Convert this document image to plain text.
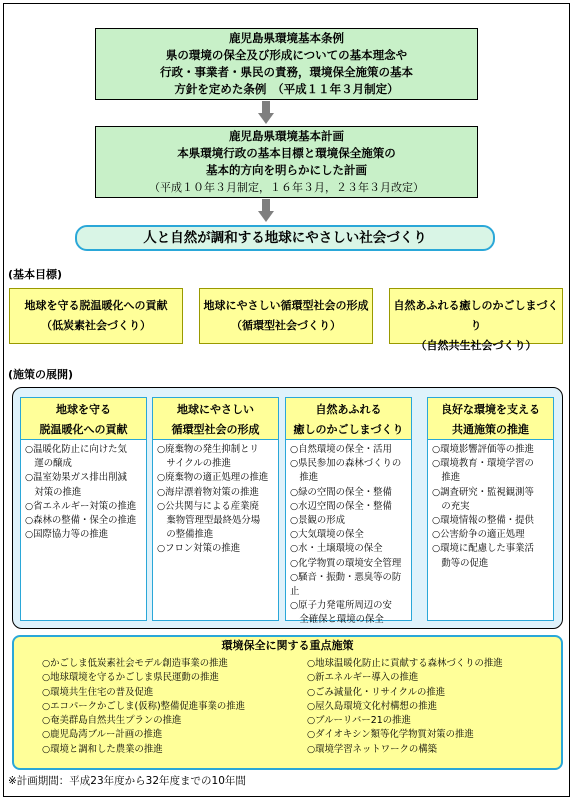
鹿児島県環境基本条例
県の環境の保全及び形成についての基本理念や
行政・事業者・県民の責務，環境保全施策の基本
方針を定めた条例　（平成１１年３月制定）
鹿児島県環境基本計画
本県環境行政の基本目標と環境保全施策の
基本的方向を明らかにした計画
（平成１０年３月制定，１６年３月，２３年３月改定）
人と自然が調和する地球にやさしい社会づくり
(基本目標)
地球を守る脱温暖化への貢献
（低炭素社会づくり）
地球にやさしい循環型社会の形成
（循環型社会づくり）
自然あふれる癒しのかごしまづくり
（自然共生社会づくり）
(施策の展開)
地球を守る
脱温暖化への貢献
○温暖化防止に向けた気
　運の醸成
○温室効果ガス排出削減
　対策の推進
○省エネルギー対策の推進
○森林の整備・保全の推進
○国際協力等の推進
地球にやさしい
循環型社会の形成
○廃棄物の発生抑制とリ
　サイクルの推進
○廃棄物の適正処理の推進
○海岸漂着物対策の推進
○公共関与による産業廃
　棄物管理型最終処分場
　の整備推進
○フロン対策の推進
自然あふれる
癒しのかごしまづくり
○自然環境の保全・活用
○県民参加の森林づくりの
　推進
○緑の空間の保全・整備
○水辺空間の保全・整備
○景観の形成
○大気環境の保全
○水・土壌環境の保全
○化学物質の環境安全管理
○騒音・振動・悪臭等の防止
○原子力発電所周辺の安
　全確保と環境の保全
良好な環境を支える
共通施策の推進
○環境影響評価等の推進
○環境教育・環境学習の
　推進
○調査研究・監視観測等
　の充実
○環境情報の整備・提供
○公害紛争の適正処理
○環境に配慮した事業活
　動等の促進
環境保全に関する重点施策
○かごしま低炭素社会モデル創造事業の推進
○地球環境を守るかごしま県民運動の推進
○環境共生住宅の普及促進
○エコパークかごしま(仮称)整備促進事業の推進
○奄美群島自然共生プランの推進
○鹿児島湾ブルー計画の推進
○環境と調和した農業の推進
○地球温暖化防止に貢献する森林づくりの推進
○新エネルギー導入の推進
○ごみ減量化・リサイクルの推進
○屋久島環境文化村構想の推進
○ブルーリバー21の推進
○ダイオキシン類等化学物質対策の推進
○環境学習ネットワークの構築
※計画期間：平成23年度から32年度までの10年間
